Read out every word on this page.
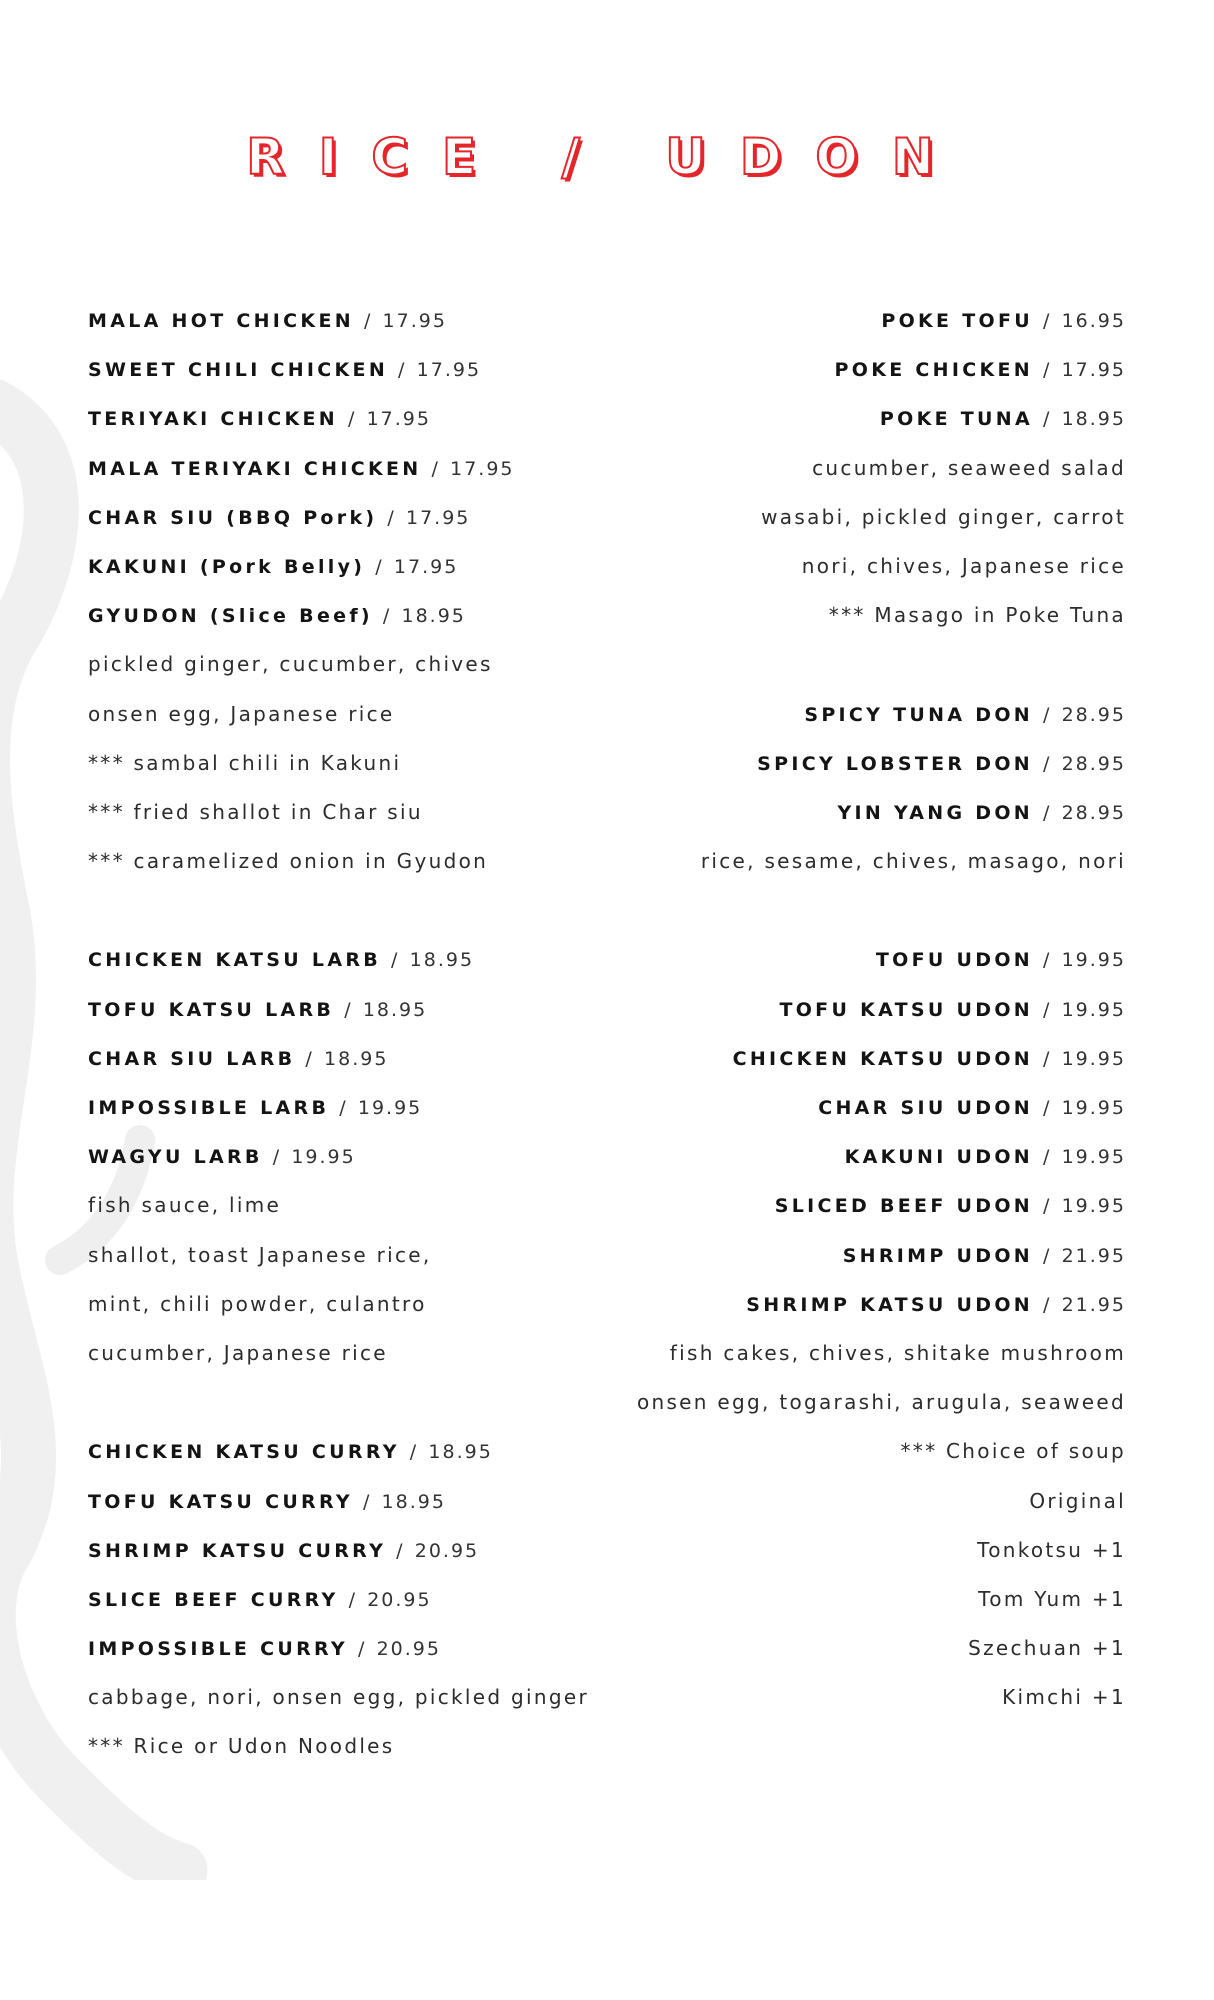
RICE / UDON
MALA HOT CHICKEN / 17.95
SWEET CHILI CHICKEN / 17.95
TERIYAKI CHICKEN / 17.95
MALA TERIYAKI CHICKEN / 17.95
CHAR SIU (BBQ Pork) / 17.95
KAKUNI (Pork Belly) / 17.95
GYUDON (Slice Beef) / 18.95
pickled ginger, cucumber, chives
onsen egg, Japanese rice
*** sambal chili in Kakuni
*** fried shallot in Char siu
*** caramelized onion in Gyudon
CHICKEN KATSU LARB / 18.95
TOFU KATSU LARB / 18.95
CHAR SIU LARB / 18.95
IMPOSSIBLE LARB / 19.95
WAGYU LARB / 19.95
fish sauce, lime
shallot, toast Japanese rice,
mint, chili powder, culantro
cucumber, Japanese rice
CHICKEN KATSU CURRY / 18.95
TOFU KATSU CURRY / 18.95
SHRIMP KATSU CURRY / 20.95
SLICE BEEF CURRY / 20.95
IMPOSSIBLE CURRY / 20.95
cabbage, nori, onsen egg, pickled ginger
*** Rice or Udon Noodles
POKE TOFU / 16.95
POKE CHICKEN / 17.95
POKE TUNA / 18.95
cucumber, seaweed salad
wasabi, pickled ginger, carrot
nori, chives, Japanese rice
*** Masago in Poke Tuna
SPICY TUNA DON / 28.95
SPICY LOBSTER DON / 28.95
YIN YANG DON / 28.95
rice, sesame, chives, masago, nori
TOFU UDON / 19.95
TOFU KATSU UDON / 19.95
CHICKEN KATSU UDON / 19.95
CHAR SIU UDON / 19.95
KAKUNI UDON / 19.95
SLICED BEEF UDON / 19.95
SHRIMP UDON / 21.95
SHRIMP KATSU UDON / 21.95
fish cakes, chives, shitake mushroom
onsen egg, togarashi, arugula, seaweed
*** Choice of soup
Original
Tonkotsu +1
Tom Yum +1
Szechuan +1
Kimchi +1
